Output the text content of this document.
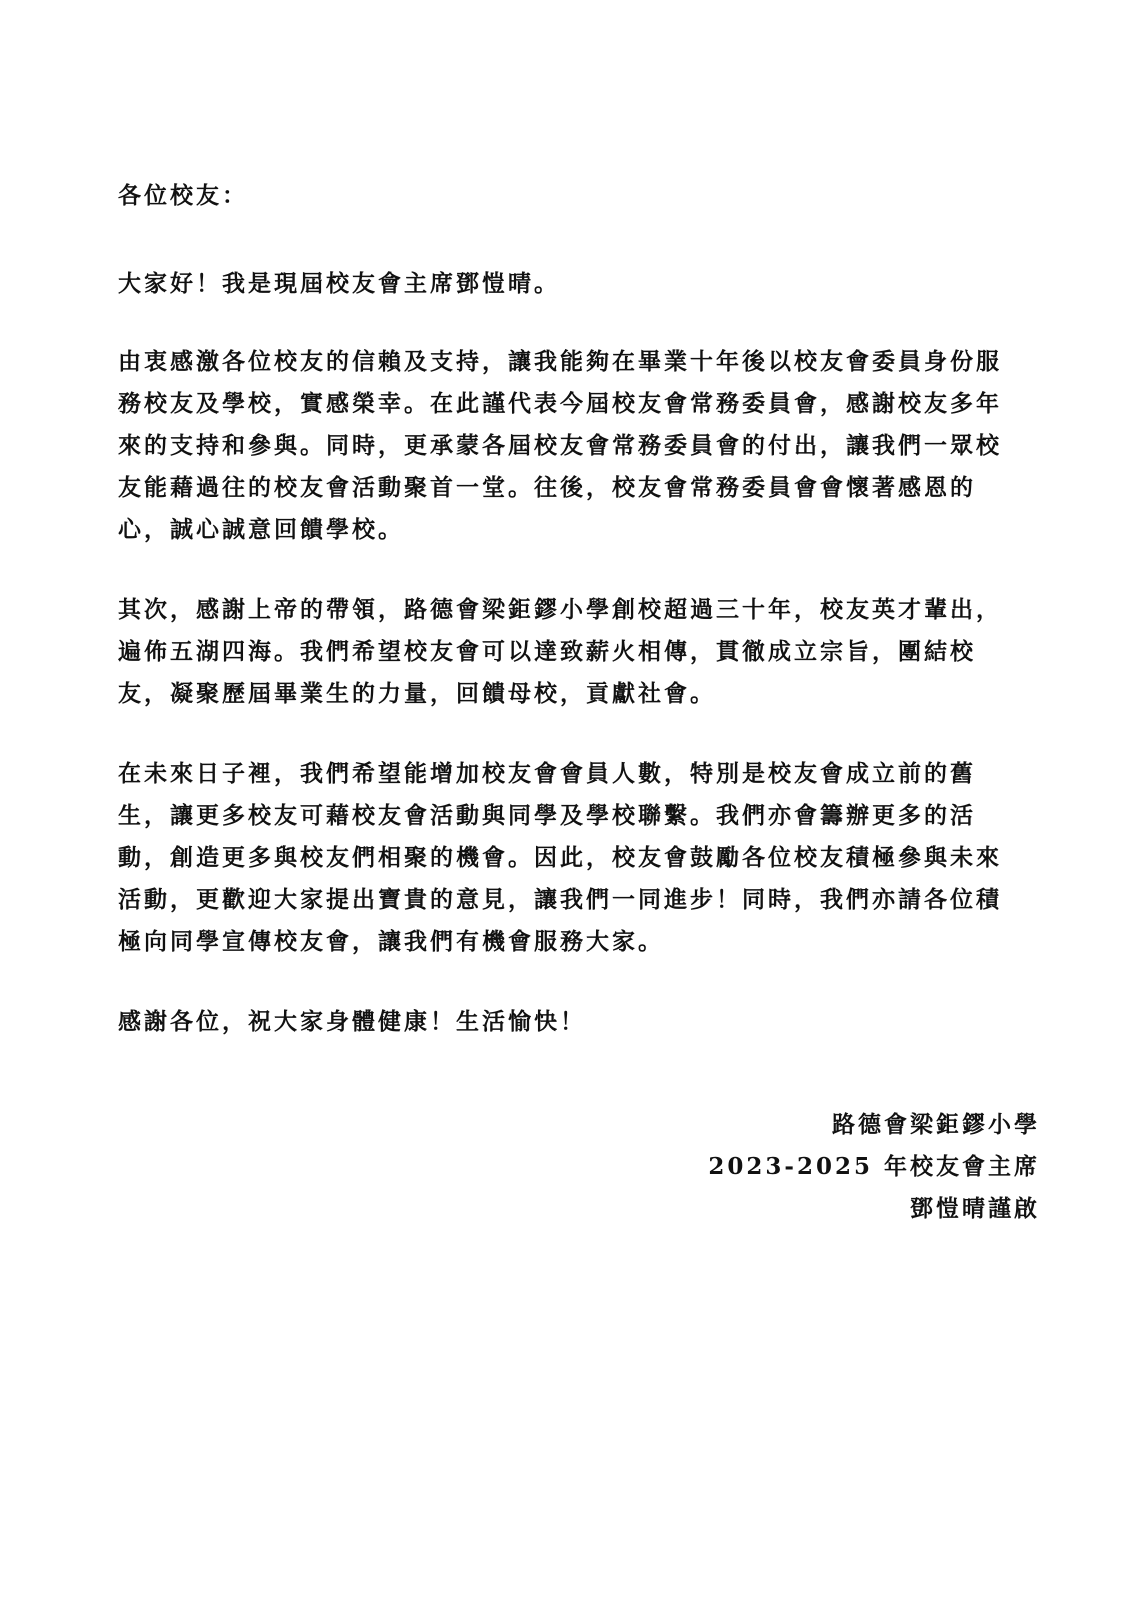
各位校友：
大家好！我是現屆校友會主席鄧愷晴。
由衷感激各位校友的信賴及支持，讓我能夠在畢業十年後以校友會委員身份服
務校友及學校，實感榮幸。在此謹代表今屆校友會常務委員會，感謝校友多年
來的支持和參與。同時，更承蒙各屆校友會常務委員會的付出，讓我們一眾校
友能藉過往的校友會活動聚首一堂。往後，校友會常務委員會會懷著感恩的
心，誠心誠意回饋學校。
其次，感謝上帝的帶領，路德會梁鉅鏐小學創校超過三十年，校友英才輩出，
遍佈五湖四海。我們希望校友會可以達致薪火相傳，貫徹成立宗旨，團結校
友，凝聚歷屆畢業生的力量，回饋母校，貢獻社會。
在未來日子裡，我們希望能增加校友會會員人數，特別是校友會成立前的舊
生，讓更多校友可藉校友會活動與同學及學校聯繫。我們亦會籌辦更多的活
動，創造更多與校友們相聚的機會。因此，校友會鼓勵各位校友積極參與未來
活動，更歡迎大家提出寶貴的意見，讓我們一同進步！同時，我們亦請各位積
極向同學宣傳校友會，讓我們有機會服務大家。
感謝各位，祝大家身體健康！生活愉快！
路德會梁鉅鏐小學
2023-2025 年校友會主席
鄧愷晴謹啟
